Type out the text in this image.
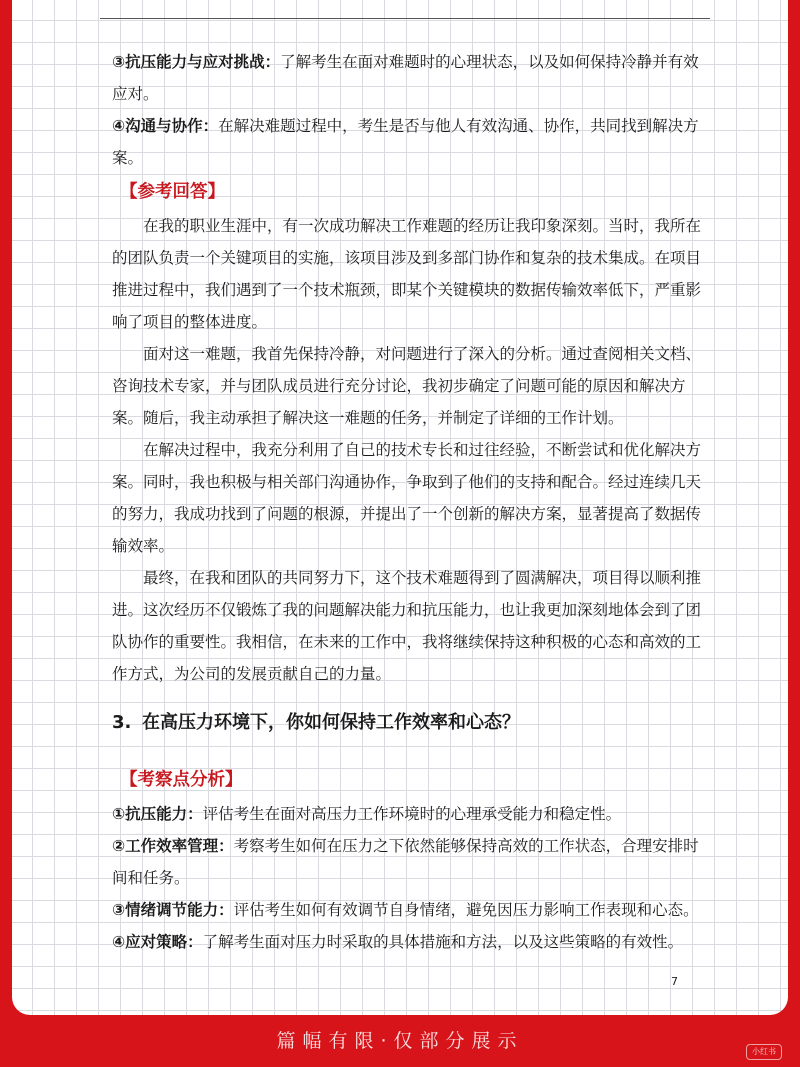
③抗压能力与应对挑战：了解考生在面对难题时的心理状态，以及如何保持冷静并有效应对。

④沟通与协作：在解决难题过程中，考生是否与他人有效沟通、协作，共同找到解决方案。

【参考回答】

在我的职业生涯中，有一次成功解决工作难题的经历让我印象深刻。当时，我所在的团队负责一个关键项目的实施，该项目涉及到多部门协作和复杂的技术集成。在项目推进过程中，我们遇到了一个技术瓶颈，即某个关键模块的数据传输效率低下，严重影响了项目的整体进度。

面对这一难题，我首先保持冷静，对问题进行了深入的分析。通过查阅相关文档、咨询技术专家，并与团队成员进行充分讨论，我初步确定了问题可能的原因和解决方案。随后，我主动承担了解决这一难题的任务，并制定了详细的工作计划。

在解决过程中，我充分利用了自己的技术专长和过往经验，不断尝试和优化解决方案。同时，我也积极与相关部门沟通协作，争取到了他们的支持和配合。经过连续几天的努力，我成功找到了问题的根源，并提出了一个创新的解决方案，显著提高了数据传输效率。

最终，在我和团队的共同努力下，这个技术难题得到了圆满解决，项目得以顺利推进。这次经历不仅锻炼了我的问题解决能力和抗压能力，也让我更加深刻地体会到了团队协作的重要性。我相信，在未来的工作中，我将继续保持这种积极的心态和高效的工作方式，为公司的发展贡献自己的力量。

3. 在高压力环境下，你如何保持工作效率和心态？

【考察点分析】

①抗压能力：评估考生在面对高压力工作环境时的心理承受能力和稳定性。

②工作效率管理：考察考生如何在压力之下依然能够保持高效的工作状态，合理安排时间和任务。

③情绪调节能力：评估考生如何有效调节自身情绪，避免因压力影响工作表现和心态。

④应对策略：了解考生面对压力时采取的具体措施和方法，以及这些策略的有效性。

7
篇幅有限·仅部分展示	小红书
